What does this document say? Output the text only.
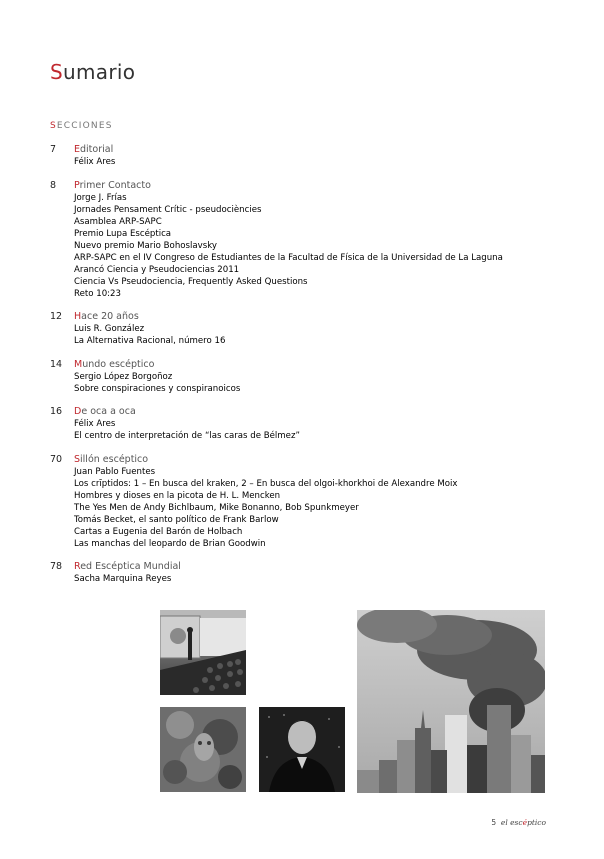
Sumario
SECCIONES
7	Editorial
Félix Ares
8	Primer Contacto
Jorge J. Frías
Jornades Pensament Crític - pseudociències
Asamblea ARP-SAPC
Premio Lupa Escéptica
Nuevo premio Mario Bohoslavsky
ARP-SAPC en el IV Congreso de Estudiantes de la Facultad de Física de la Universidad de La Laguna
Arancó Ciencia y Pseudociencias 2011
Ciencia Vs Pseudociencia, Frequently Asked Questions
Reto 10:23
12	Hace 20 años
Luis R. González
La Alternativa Racional, número 16
14	Mundo escéptico
Sergio López Borgoñoz
Sobre conspiraciones y conspiranoicos
16	De oca a oca
Félix Ares
El centro de interpretación de “las caras de Bélmez”
70	Sillón escéptico
Juan Pablo Fuentes
Los crīptidos: 1 – En busca del kraken, 2 – En busca del olgoi-khorkhoi de Alexandre Moix
Hombres y dioses en la picota de H. L. Mencken
The Yes Men de Andy Bichlbaum, Mike Bonanno, Bob Spunkmeyer
Tomás Becket, el santo político de Frank Barlow
Cartas a Eugenia del Barón de Holbach
Las manchas del leopardo de Brian Goodwin
78	Red Escéptica Mundial
Sacha Marquina Reyes
5 el escéptico
